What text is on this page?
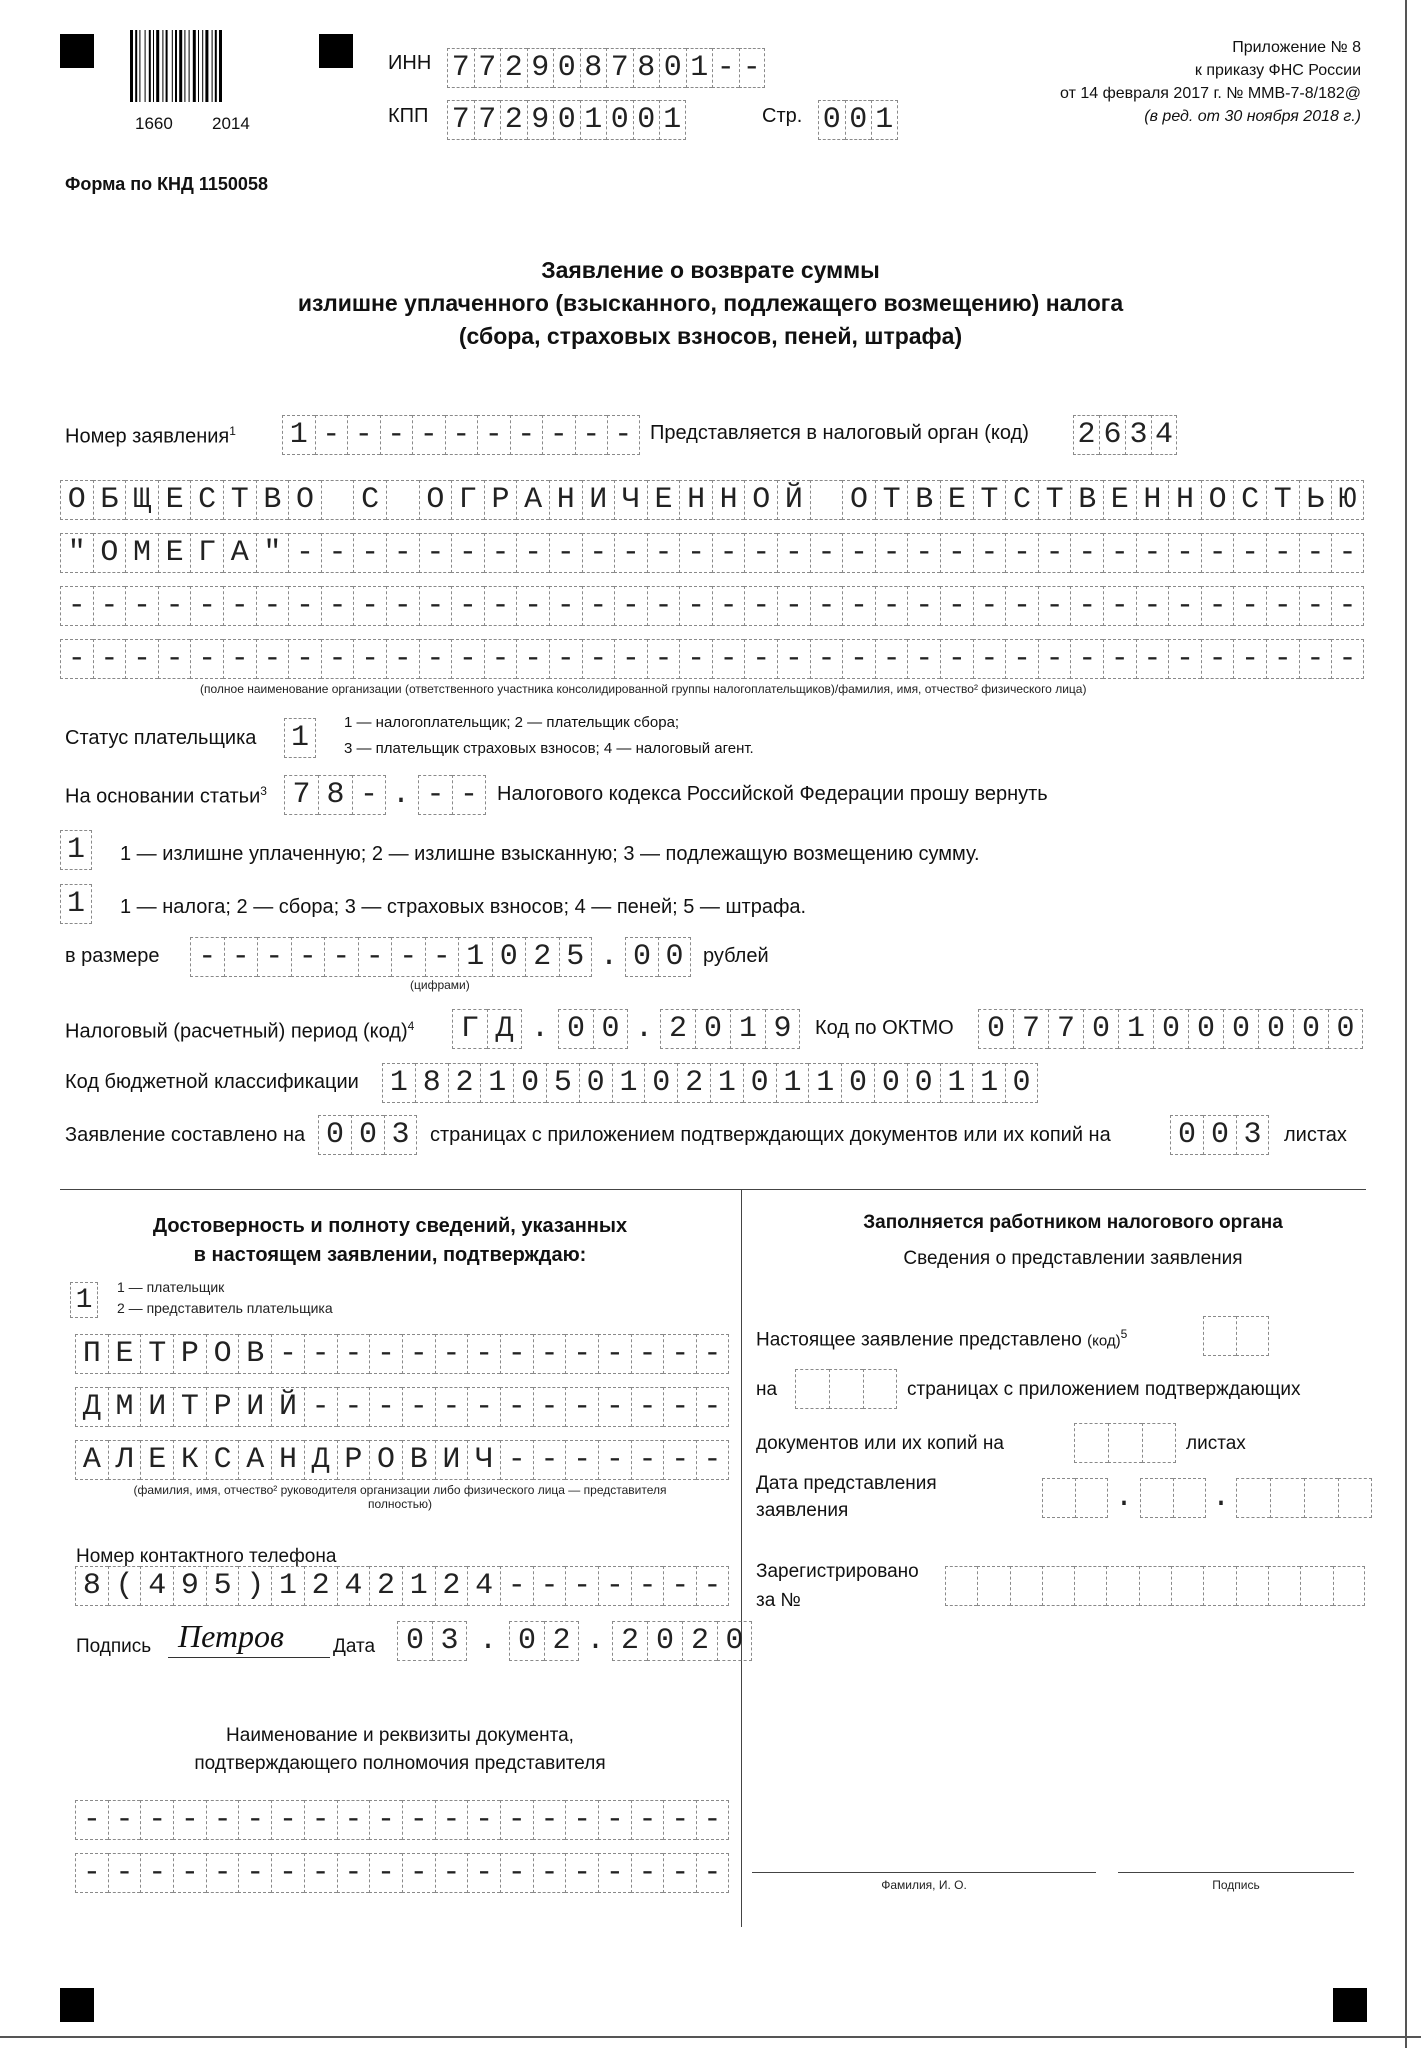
1660 2014
ИНН 7 7 2 9 0 8 7 8 0 1 - -
КПП 7 7 2 9 0 1 0 0 1	Стр. 0 0 1
Приложение № 8
к приказу ФНС России
от 14 февраля 2017 г. № ММВ-7-8/182@
(в ред. от 30 ноября 2018 г.)
Форма по КНД 1150058
Заявление о возврате суммы
излишне уплаченного (взысканного, подлежащего возмещению) налога
(сбора, страховых взносов, пеней, штрафа)
Номер заявления$^1$ 1 - - - - - - - - - - Представляется в налоговый орган (код) 2 6 3 4
О Б Щ Е С Т В О С О Г Р А Н И Ч Е Н Н О Й О Т В Е Т С Т В Е Н Н О С Т Ь Ю
" О М Е Г А " - - - - - - - - - - - - - - - - - - - - - - - - - - - - - - - - -
- - - - - - - - - - - - - - - - - - - - - - - - - - - - - - - - - - - - - - - -
- - - - - - - - - - - - - - - - - - - - - - - - - - - - - - - - - - - - - - - -
(полное наименование организации (ответственного участника консолидированной группы налогоплательщиков)/фамилия, имя, отчество² физического лица)
Статус плательщика 1	1 — налогоплательщик; 2 — плательщик сбора;
3 — плательщик страховых взносов; 4 — налоговый агент.
На основании статьи$^3$ 7 8 - . - - Налогового кодекса Российской Федерации прошу вернуть
1	1 — излишне уплаченную; 2 — излишне взысканную; 3 — подлежащую возмещению сумму.
1	1 — налога; 2 — сбора; 3 — страховых взносов; 4 — пеней; 5 — штрафа.
в размере - - - - - - - - 1 0 2 5 . 0 0 рублей
(цифрами)
Налоговый (расчетный) период (код)$^4$ Г Д . 0 0 . 2 0 1 9	Код по ОКТМО 0 7 7 0 1 0 0 0 0 0 0
Код бюджетной классификации 1 8 2 1 0 5 0 1 0 2 1 0 1 1 0 0 0 1 1 0
Заявление составлено на 0 0 3	страницах с приложением подтверждающих документов или их копий на 0 0 3	листах
Достоверность и полноту сведений, указанных
в настоящем заявлении, подтверждаю:
1	1 — плательщик
2 — представитель плательщика
П Е Т Р О В - - - - - - - - - - - - - -
Д М И Т Р И Й - - - - - - - - - - - - -
А Л Е К С А Н Д Р О В И Ч - - - - - - -
(фамилия, имя, отчество² руководителя организации либо физического лица — представителя
полностью)
Номер контактного телефона
8 ( 4 9 5 ) 1 2 4 2 1 2 4 - - - - - - -
Подпись Петров	Дата 0 3 . 0 2 . 2 0 2 0
Наименование и реквизиты документа,
подтверждающего полномочия представителя
- - - - - - - - - - - - - - - - - - - -
- - - - - - - - - - - - - - - - - - - -
Заполняется работником налогового органа
Сведения о представлении заявления
Настоящее заявление представлено (код)$^5$
на	страницах с приложением подтверждающих
документов или их копий на	листах
Дата представления
заявления	.	.
Зарегистрировано
за №
Фамилия, И. О.	Подпись
